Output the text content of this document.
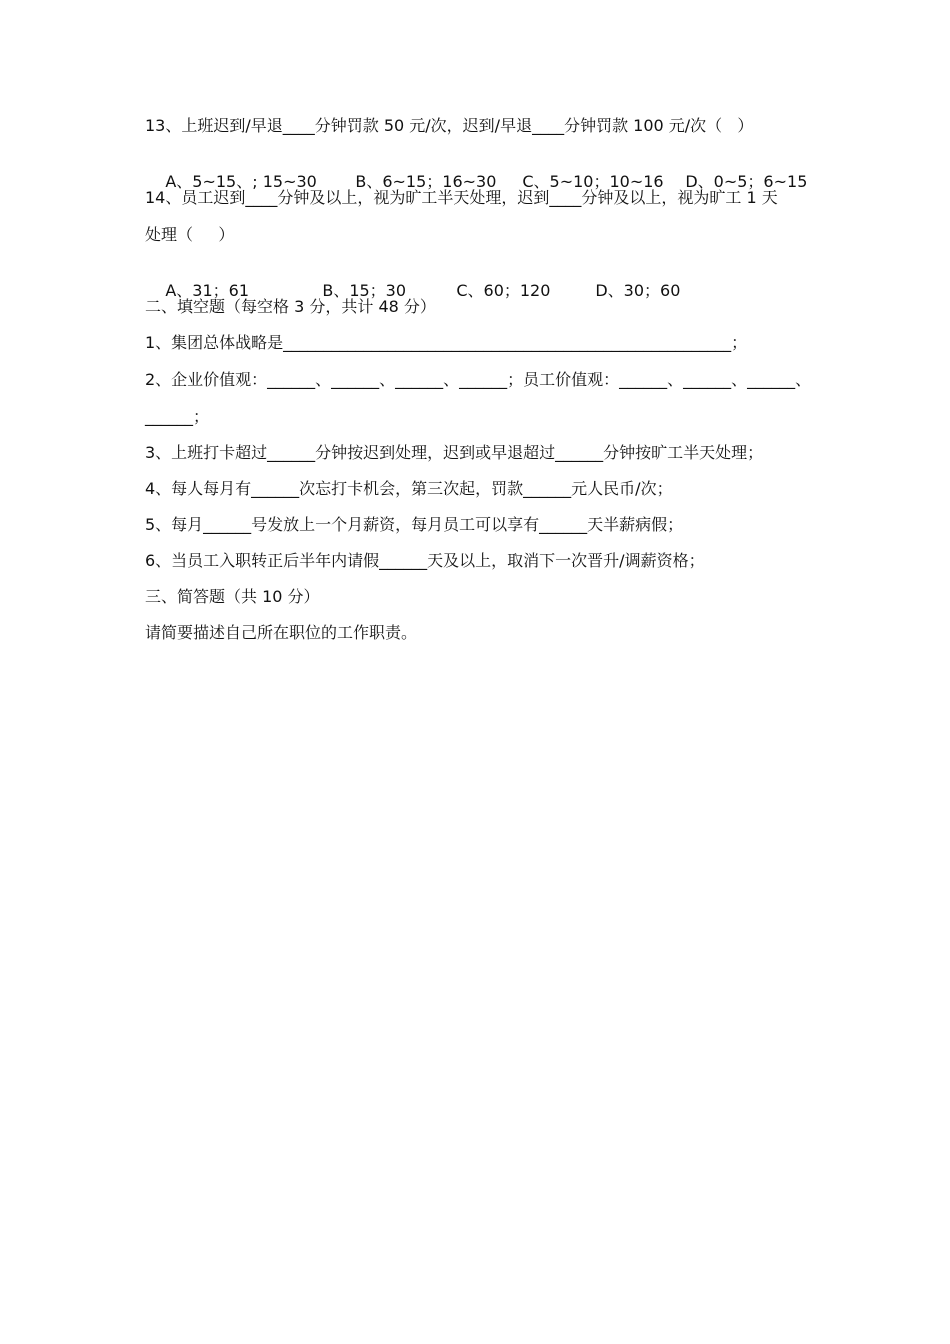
13、上班迟到/早退____分钟罚款 50 元/次，迟到/早退____分钟罚款 100 元/次（   ）

A、5~15、; 15~30 B、6~15；16~30 C、5~10；10~16 D、0~5；6~15

14、员工迟到____分钟及以上，视为旷工半天处理，迟到____分钟及以上，视为旷工 1 天
处理（     ）

A、31；61	B、15；30	C、60；120	D、30；60

二、填空题（每空格 3 分，共计 48 分）
1、集团总体战略是________________________________________________________；
2、企业价值观：______、______、______、______；员工价值观：______、______、______、
______；
3、上班打卡超过______分钟按迟到处理，迟到或早退超过______分钟按旷工半天处理；
4、每人每月有______次忘打卡机会，第三次起，罚款______元人民币/次；
5、每月______号发放上一个月薪资，每月员工可以享有______天半薪病假；
6、当员工入职转正后半年内请假______天及以上，取消下一次晋升/调薪资格；
三、简答题（共 10 分）
请简要描述自己所在职位的工作职责。
